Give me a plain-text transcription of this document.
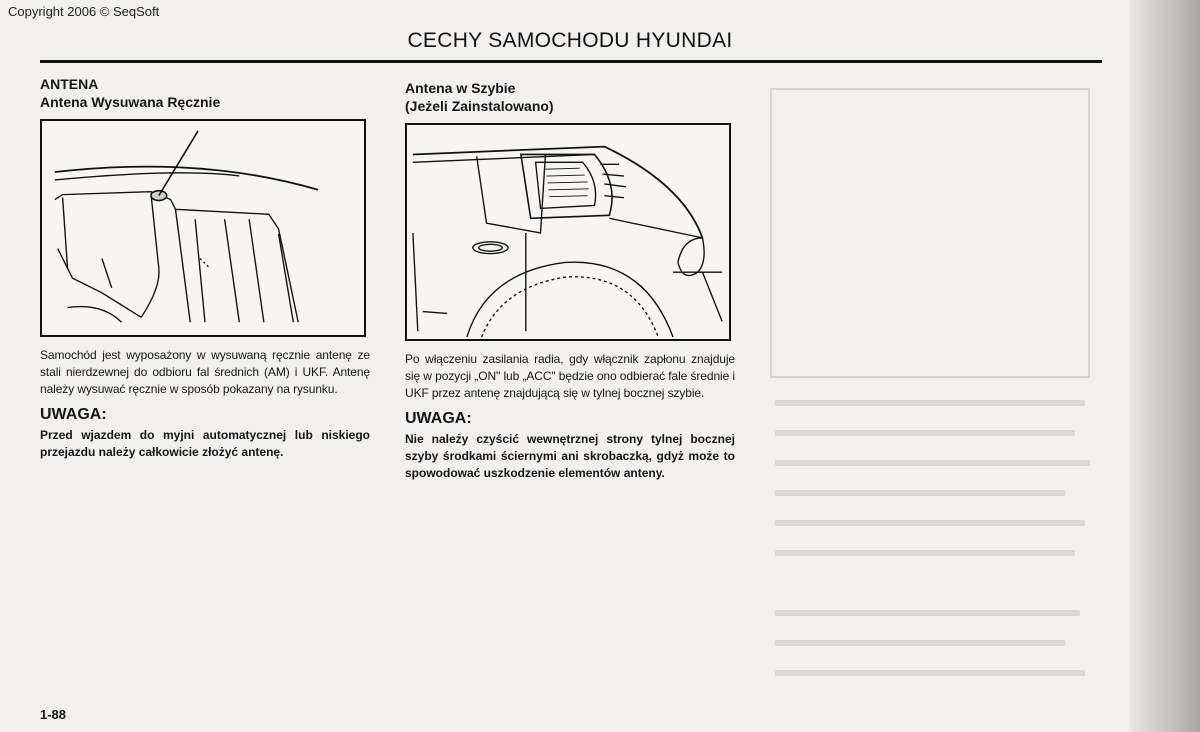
Copyright 2006 © SeqSoft
CECHY SAMOCHODU HYUNDAI
ANTENA
Antena Wysuwana Ręcznie
Samochód jest wyposażony w wysuwaną ręcznie antenę ze stali nierdzewnej do odbioru fal średnich (AM) i UKF. Antenę należy wysuwać ręcznie w sposób pokazany na rysunku.
UWAGA:
Przed wjazdem do myjni automatycznej lub niskiego przejazdu należy całkowicie złożyć antenę.
Antena w Szybie
(Jeżeli Zainstalowano)
Po włączeniu zasilania radia, gdy włącznik zapłonu znajduje się w pozycji „ON" lub „ACC" będzie ono odbierać fale średnie i UKF przez antenę znajdującą się w tylnej bocznej szybie.
UWAGA:
Nie należy czyścić wewnętrznej strony tylnej bocznej szyby środkami ściernymi ani skrobaczką, gdyż może to spowodować uszkodzenie elementów anteny.
1-88
